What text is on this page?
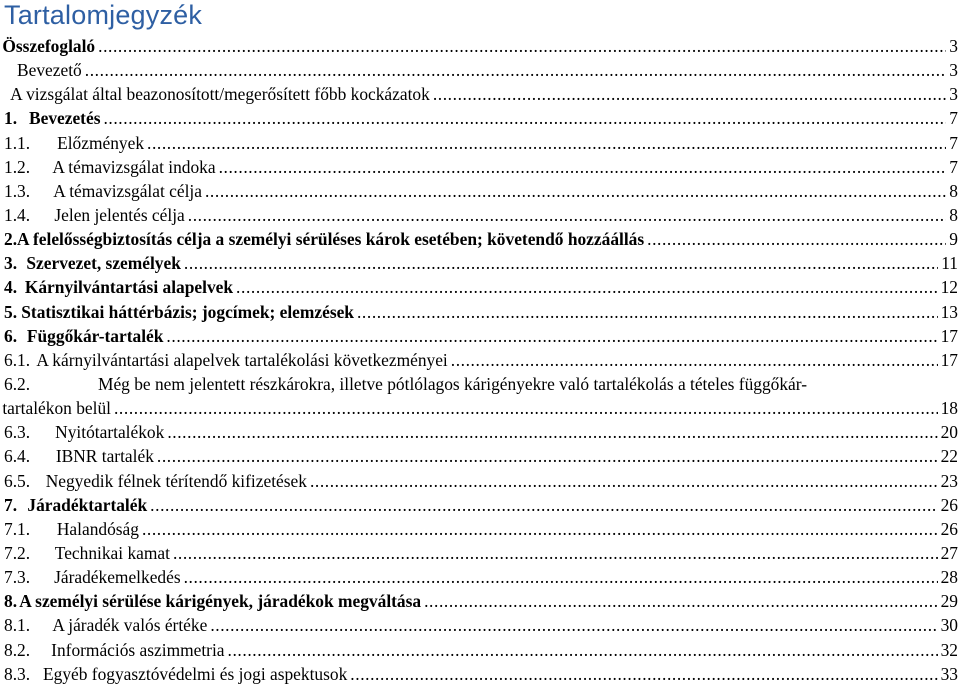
Tartalomjegyzék
Összefoglaló .....	3
Bevezető .....	3
A vizsgálat által beazonosított/megerősített főbb kockázatok .....	3
1. Bevezetés .....	7
1.1.	Előzmények .....	7
1.2.	A témavizsgálat indoka .....	7
1.3.	A témavizsgálat célja .....	8
1.4.	Jelen jelentés célja .....	8
2. A felelősségbiztosítás célja a személyi sérüléses károk esetében; követendő hozzáállás .....	9
3. Szervezet, személyek .....	11
4. Kárnyilvántartási alapelvek .....	12
5. Statisztikai háttérbázis; jogcímek; elemzések .....	13
6. Függőkár-tartalék .....	17
6.1. A kárnyilvántartási alapelvek tartalékolási következményei .....	17
6.2.	Még be nem jelentett részkárokra, illetve pótlólagos kárigényekre való tartalékolás a tételes függőkár-
tartalékon belül .....	18
6.3.	Nyitótartalékok .....	20
6.4.	IBNR tartalék .....	22
6.5. Negyedik félnek térítendő kifizetések .....	23
7. Járadéktartalék .....	26
7.1.	Halandóság .....	26
7.2.	Technikai kamat .....	27
7.3.	Járadékemelkedés .....	28
8. A személyi sérülése kárigények, járadékok megváltása .....	29
8.1.	A járadék valós értéke .....	30
8.2.	Információs aszimmetria .....	32
8.3. Egyéb fogyasztóvédelmi és jogi aspektusok .....	33
